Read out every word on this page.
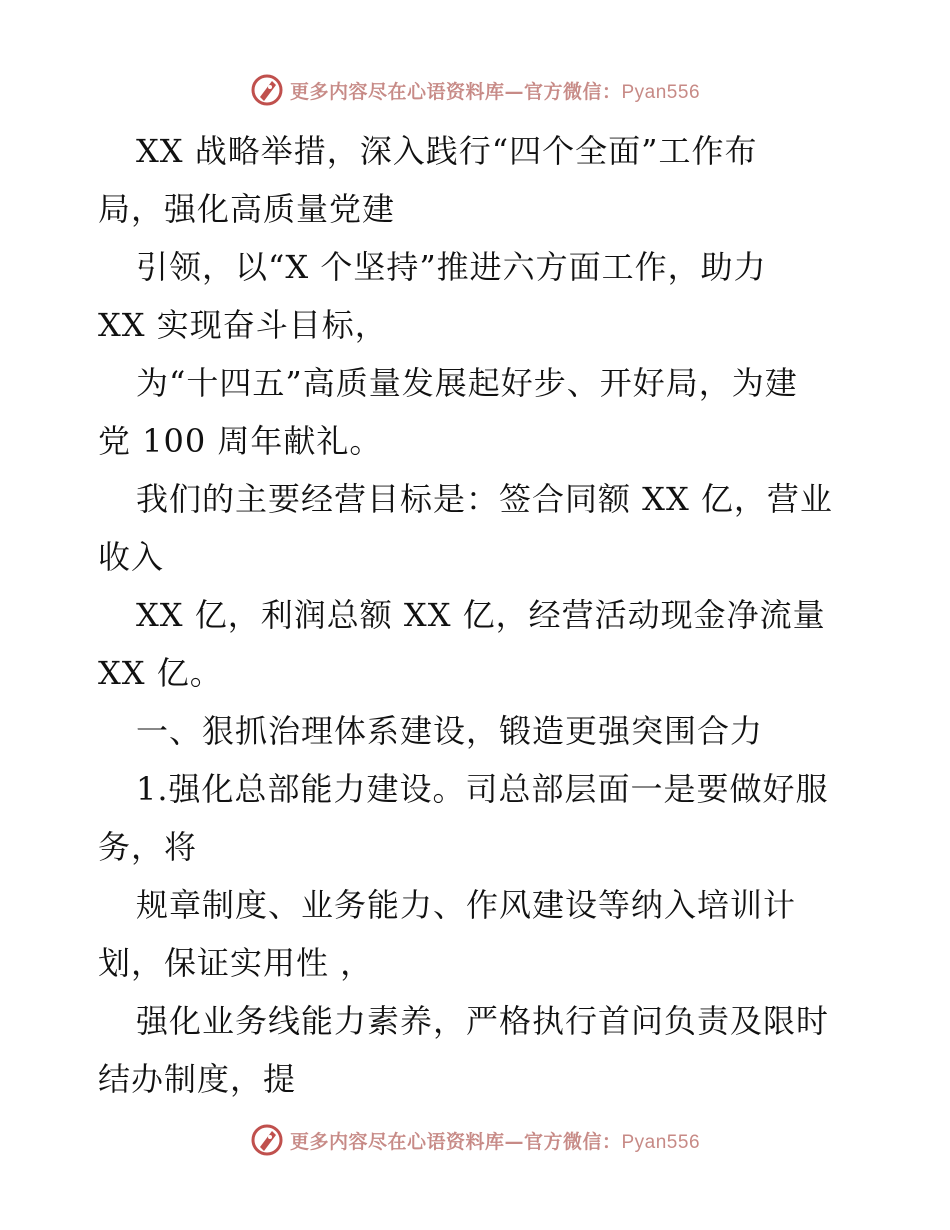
更多内容尽在心语资料库—官方微信：Pyan556
XX 战略举措，深入践行“四个全面”工作布
局，强化高质量党建
引领，以“X 个坚持”推进六方面工作，助力
XX 实现奋斗目标，
为“十四五”高质量发展起好步、开好局，为建
党 100 周年献礼。
我们的主要经营目标是：签合同额 XX 亿，营业
收入
XX 亿，利润总额 XX 亿，经营活动现金净流量
XX 亿。
一、狠抓治理体系建设，锻造更强突围合力
1.强化总部能力建设。司总部层面一是要做好服
务，将
规章制度、业务能力、作风建设等纳入培训计
划，保证实用性 ，
强化业务线能力素养，严格执行首问负责及限时
结办制度，提
更多内容尽在心语资料库—官方微信：Pyan556
